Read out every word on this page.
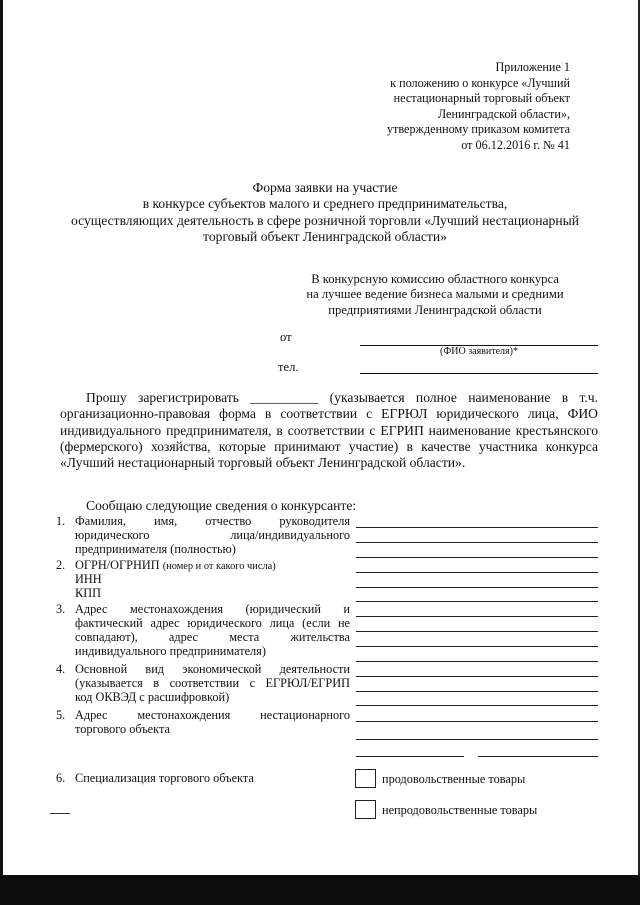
Приложение 1
к положению о конкурсе «Лучший
нестационарный торговый объект
Ленинградской области»,
утвержденному приказом комитета
от 06.12.2016 г. № 41
Форма заявки на участие
в конкурсе субъектов малого и среднего предпринимательства,
осуществляющих деятельность в сфере розничной торговли «Лучший нестационарный
торговый объект Ленинградской области»
В конкурсную комиссию областного конкурса
на лучшее ведение бизнеса малыми и средними
предприятиями Ленинградской области
от
(ФИО заявителя)*
тел.

Прошу зарегистрировать __________ (указывается полное наименование в т.ч. организационно-правовая форма в соответствии с ЕГРЮЛ юридического лица, ФИО индивидуального предпринимателя, в соответствии с ЕГРИП наименование крестьянского (фермерского) хозяйства, которые принимают участие) в качестве участника конкурса «Лучший нестационарный торговый объект Ленинградской области».

Сообщаю следующие сведения о конкурсанте:
1. Фамилия, имя, отчество руководителя
юридического лица/индивидуального
предпринимателя (полностью)
2. ОГРН/ОГРНИП (номер и от какого числа)
ИНН
КПП
3. Адрес местонахождения (юридический и
фактический адрес юридического лица (если не
совпадают), адрес места жительства
индивидуального предпринимателя)
4. Основной вид экономической деятельности
(указывается в соответствии с ЕГРЮЛ/ЕГРИП
код ОКВЭД с расшифровкой)
5. Адрес местонахождения нестационарного
торгового объекта
6. Специализация торгового объекта	продовольственные товары
непродовольственные товары
